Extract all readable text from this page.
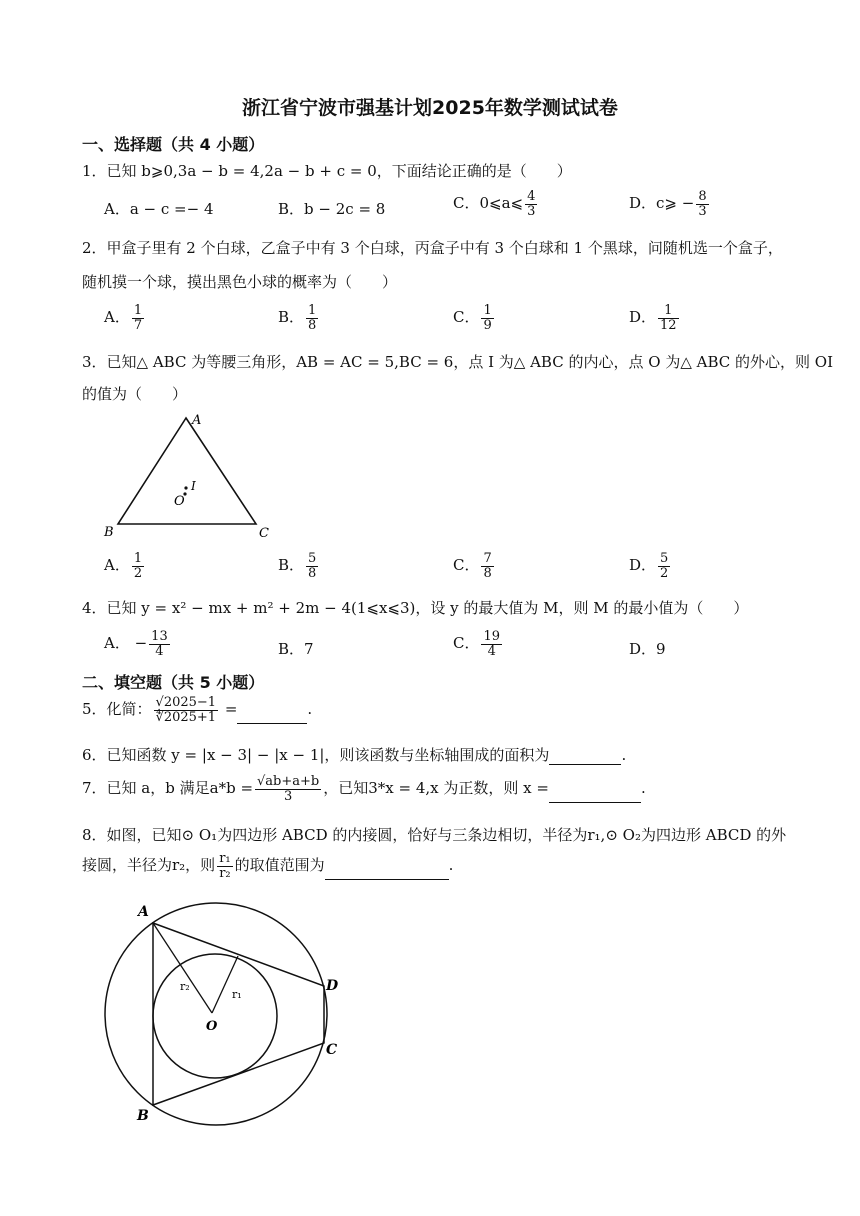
浙江省宁波市强基计划2025年数学测试试卷
一、选择题（共 4 小题）
1．已知 b⩾0,3a − b = 4,2a − b + c = 0，下面结论正确的是（　　）
A．a − c =− 4	B．b − 2c = 8	C．0⩽a⩽ $\frac{4}{3}$	D．c⩾ − $\frac{8}{3}$
2．甲盒子里有 2 个白球，乙盒子中有 3 个白球，丙盒子中有 3 个白球和 1 个黑球，问随机选一个盒子，
随机摸一个球，摸出黑色小球的概率为（　　）
A． $\frac{1}{7}$	B． $\frac{1}{8}$	C． $\frac{1}{9}$	D． $\frac{1}{12}$
3．已知△ ABC 为等腰三角形，AB = AC = 5,BC = 6，点 I 为△ ABC 的内心，点 O 为△ ABC 的外心，则 OI
的值为（　　）
A
B	C
O
I
A． $\frac{1}{2}$	B． $\frac{5}{8}$	C． $\frac{7}{8}$	D． $\frac{5}{2}$
4．已知 y = x² − mx + m² + 2m − 4(1⩽x⩽3)，设 y 的最大值为 M，则 M 的最小值为（　　）
A． − $\frac{13}{4}$	B．7	C． $\frac{19}{4}$	D．9
二、填空题（共 5 小题）
5．化简： $\frac{√2025-1}{∜2025+1}$ =	.
6．已知函数 y = |x − 3| − |x − 1|，则该函数与坐标轴围成的面积为	.
7．已知 a，b 满足$a*b = \frac{√ab+a+b}{3}$ ，已知3*x = 4,x 为正数，则 x =	.
8．如图，已知⊙ O₁为四边形 ABCD 的内接圆，恰好与三条边相切，半径为r₁,⊙ O₂为四边形 ABCD 的外
接圆，半径为r₂，则 $\frac{\text{r₁}}{\text{r₂}}$ 的取值范围为	.
A
D
C
B
O
r₂
r₁
